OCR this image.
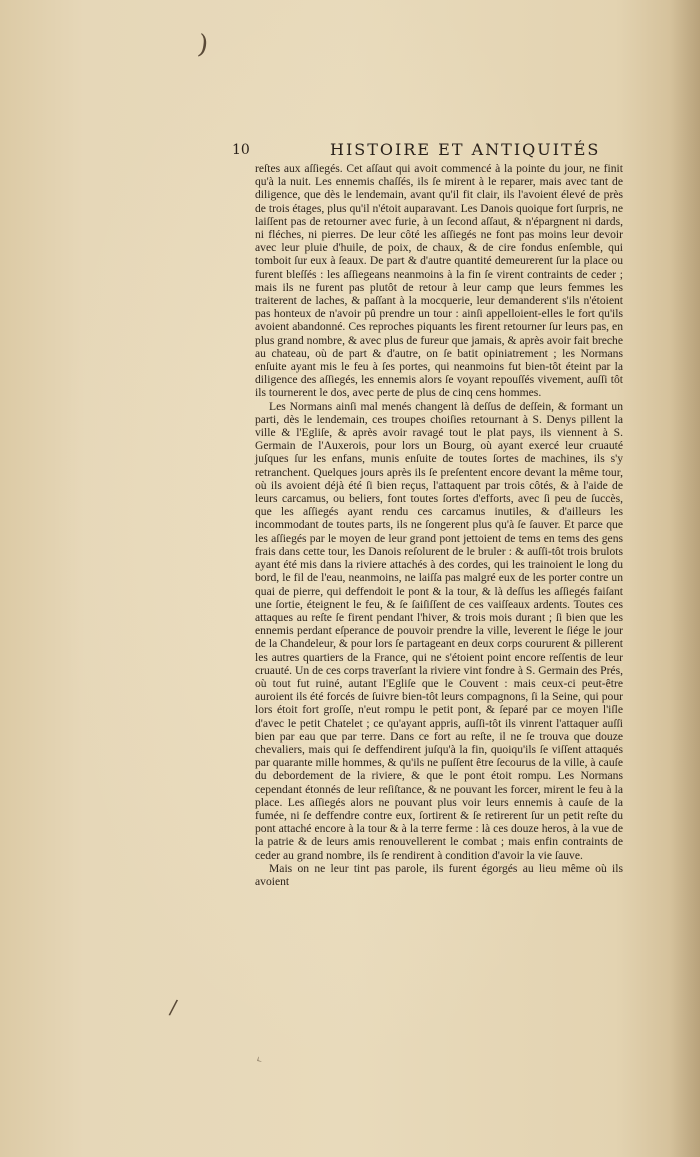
)
/
‹
10	HISTOIRE ET ANTIQUITÉS

reſtes aux aſſiegés. Cet aſſaut qui avoit commencé à la pointe du jour, ne finit qu'à la nuit. Les ennemis chaſſés, ils ſe mirent à le reparer, mais avec tant de diligence, que dès le lendemain, avant qu'il fit clair, ils l'avoient élevé de près de trois étages, plus qu'il n'étoit auparavant. Les Danois quoique fort ſurpris, ne laiſſent pas de retourner avec furie, à un ſecond aſſaut, & n'épargnent ni dards, ni fléches, ni pierres. De leur côté les aſſiegés ne font pas moins leur devoir avec leur pluie d'huile, de poix, de chaux, & de cire fondus enſemble, qui tomboit ſur eux à ſeaux. De part & d'autre quantité demeurerent ſur la place ou furent bleſſés : les aſſiegeans neanmoins à la fin ſe virent contraints de ceder ; mais ils ne furent pas plutôt de retour à leur camp que leurs femmes les traiterent de laches, & paſſant à la mocquerie, leur demanderent s'ils n'étoient pas honteux de n'avoir pû prendre un tour : ainſi appelloient-elles le fort qu'ils avoient abandonné. Ces reproches piquants les firent retourner ſur leurs pas, en plus grand nombre, & avec plus de fureur que jamais, & après avoir fait breche au chateau, où de part & d'autre, on ſe batit opiniatrement ; les Normans enſuite ayant mis le feu à ſes portes, qui neanmoins fut bien-tôt éteint par la diligence des aſſiegés, les ennemis alors ſe voyant repouſſés vivement, auſſi tôt ils tournerent le dos, avec perte de plus de cinq cens hommes.

Les Normans ainſi mal menés changent là deſſus de deſſein, & formant un parti, dès le lendemain, ces troupes choiſies retournant à S. Denys pillent la ville & l'Egliſe, & après avoir ravagé tout le plat pays, ils viennent à S. Germain de l'Auxerois, pour lors un Bourg, où ayant exercé leur cruauté juſques ſur les enfans, munis enſuite de toutes ſortes de machines, ils s'y retranchent. Quelques jours après ils ſe preſentent encore devant la même tour, où ils avoient déjà été ſi bien reçus, l'attaquent par trois côtés, & à l'aide de leurs carcamus, ou beliers, font toutes ſortes d'efforts, avec ſi peu de ſuccès, que les aſſiegés ayant rendu ces carcamus inutiles, & d'ailleurs les incommodant de toutes parts, ils ne ſongerent plus qu'à ſe ſauver. Et parce que les aſſiegés par le moyen de leur grand pont jettoient de tems en tems des gens frais dans cette tour, les Danois reſolurent de le bruler : & auſſi-tôt trois brulots ayant été mis dans la riviere attachés à des cordes, qui les trainoient le long du bord, le fil de l'eau, neanmoins, ne laiſſa pas malgré eux de les porter contre un quai de pierre, qui deffendoit le pont & la tour, & là deſſus les aſſiegés faiſant une ſortie, éteignent le feu, & ſe ſaiſiſſent de ces vaiſſeaux ardents. Toutes ces attaques au reſte ſe firent pendant l'hiver, & trois mois durant ; ſi bien que les ennemis perdant eſperance de pouvoir prendre la ville, leverent le ſiége le jour de la Chandeleur, & pour lors ſe partageant en deux corps coururent & pillerent les autres quartiers de la France, qui ne s'étoient point encore reſſentis de leur cruauté. Un de ces corps traverſant la riviere vint fondre à S. Germain des Prés, où tout fut ruiné, autant l'Egliſe que le Couvent : mais ceux-ci peut-être auroient ils été forcés de ſuivre bien-tôt leurs compagnons, ſi la Seine, qui pour lors étoit fort groſſe, n'eut rompu le petit pont, & ſeparé par ce moyen l'iſle d'avec le petit Chatelet ; ce qu'ayant appris, auſſi-tôt ils vinrent l'attaquer auſſi bien par eau que par terre. Dans ce fort au reſte, il ne ſe trouva que douze chevaliers, mais qui ſe deffendirent juſqu'à la fin, quoiqu'ils ſe viſſent attaqués par quarante mille hommes, & qu'ils ne puſſent être ſecourus de la ville, à cauſe du debordement de la riviere, & que le pont étoit rompu. Les Normans cependant étonnés de leur reſiſtance, & ne pouvant les forcer, mirent le feu à la place. Les aſſiegés alors ne pouvant plus voir leurs ennemis à cauſe de la fumée, ni ſe deffendre contre eux, ſortirent & ſe retirerent ſur un petit reſte du pont attaché encore à la tour & à la terre ferme : là ces douze heros, à la vue de la patrie & de leurs amis renouvellerent le combat ; mais enfin contraints de ceder au grand nombre, ils ſe rendirent à condition d'avoir la vie ſauve.

Mais on ne leur tint pas parole, ils furent égorgés au lieu même où ils avoient
